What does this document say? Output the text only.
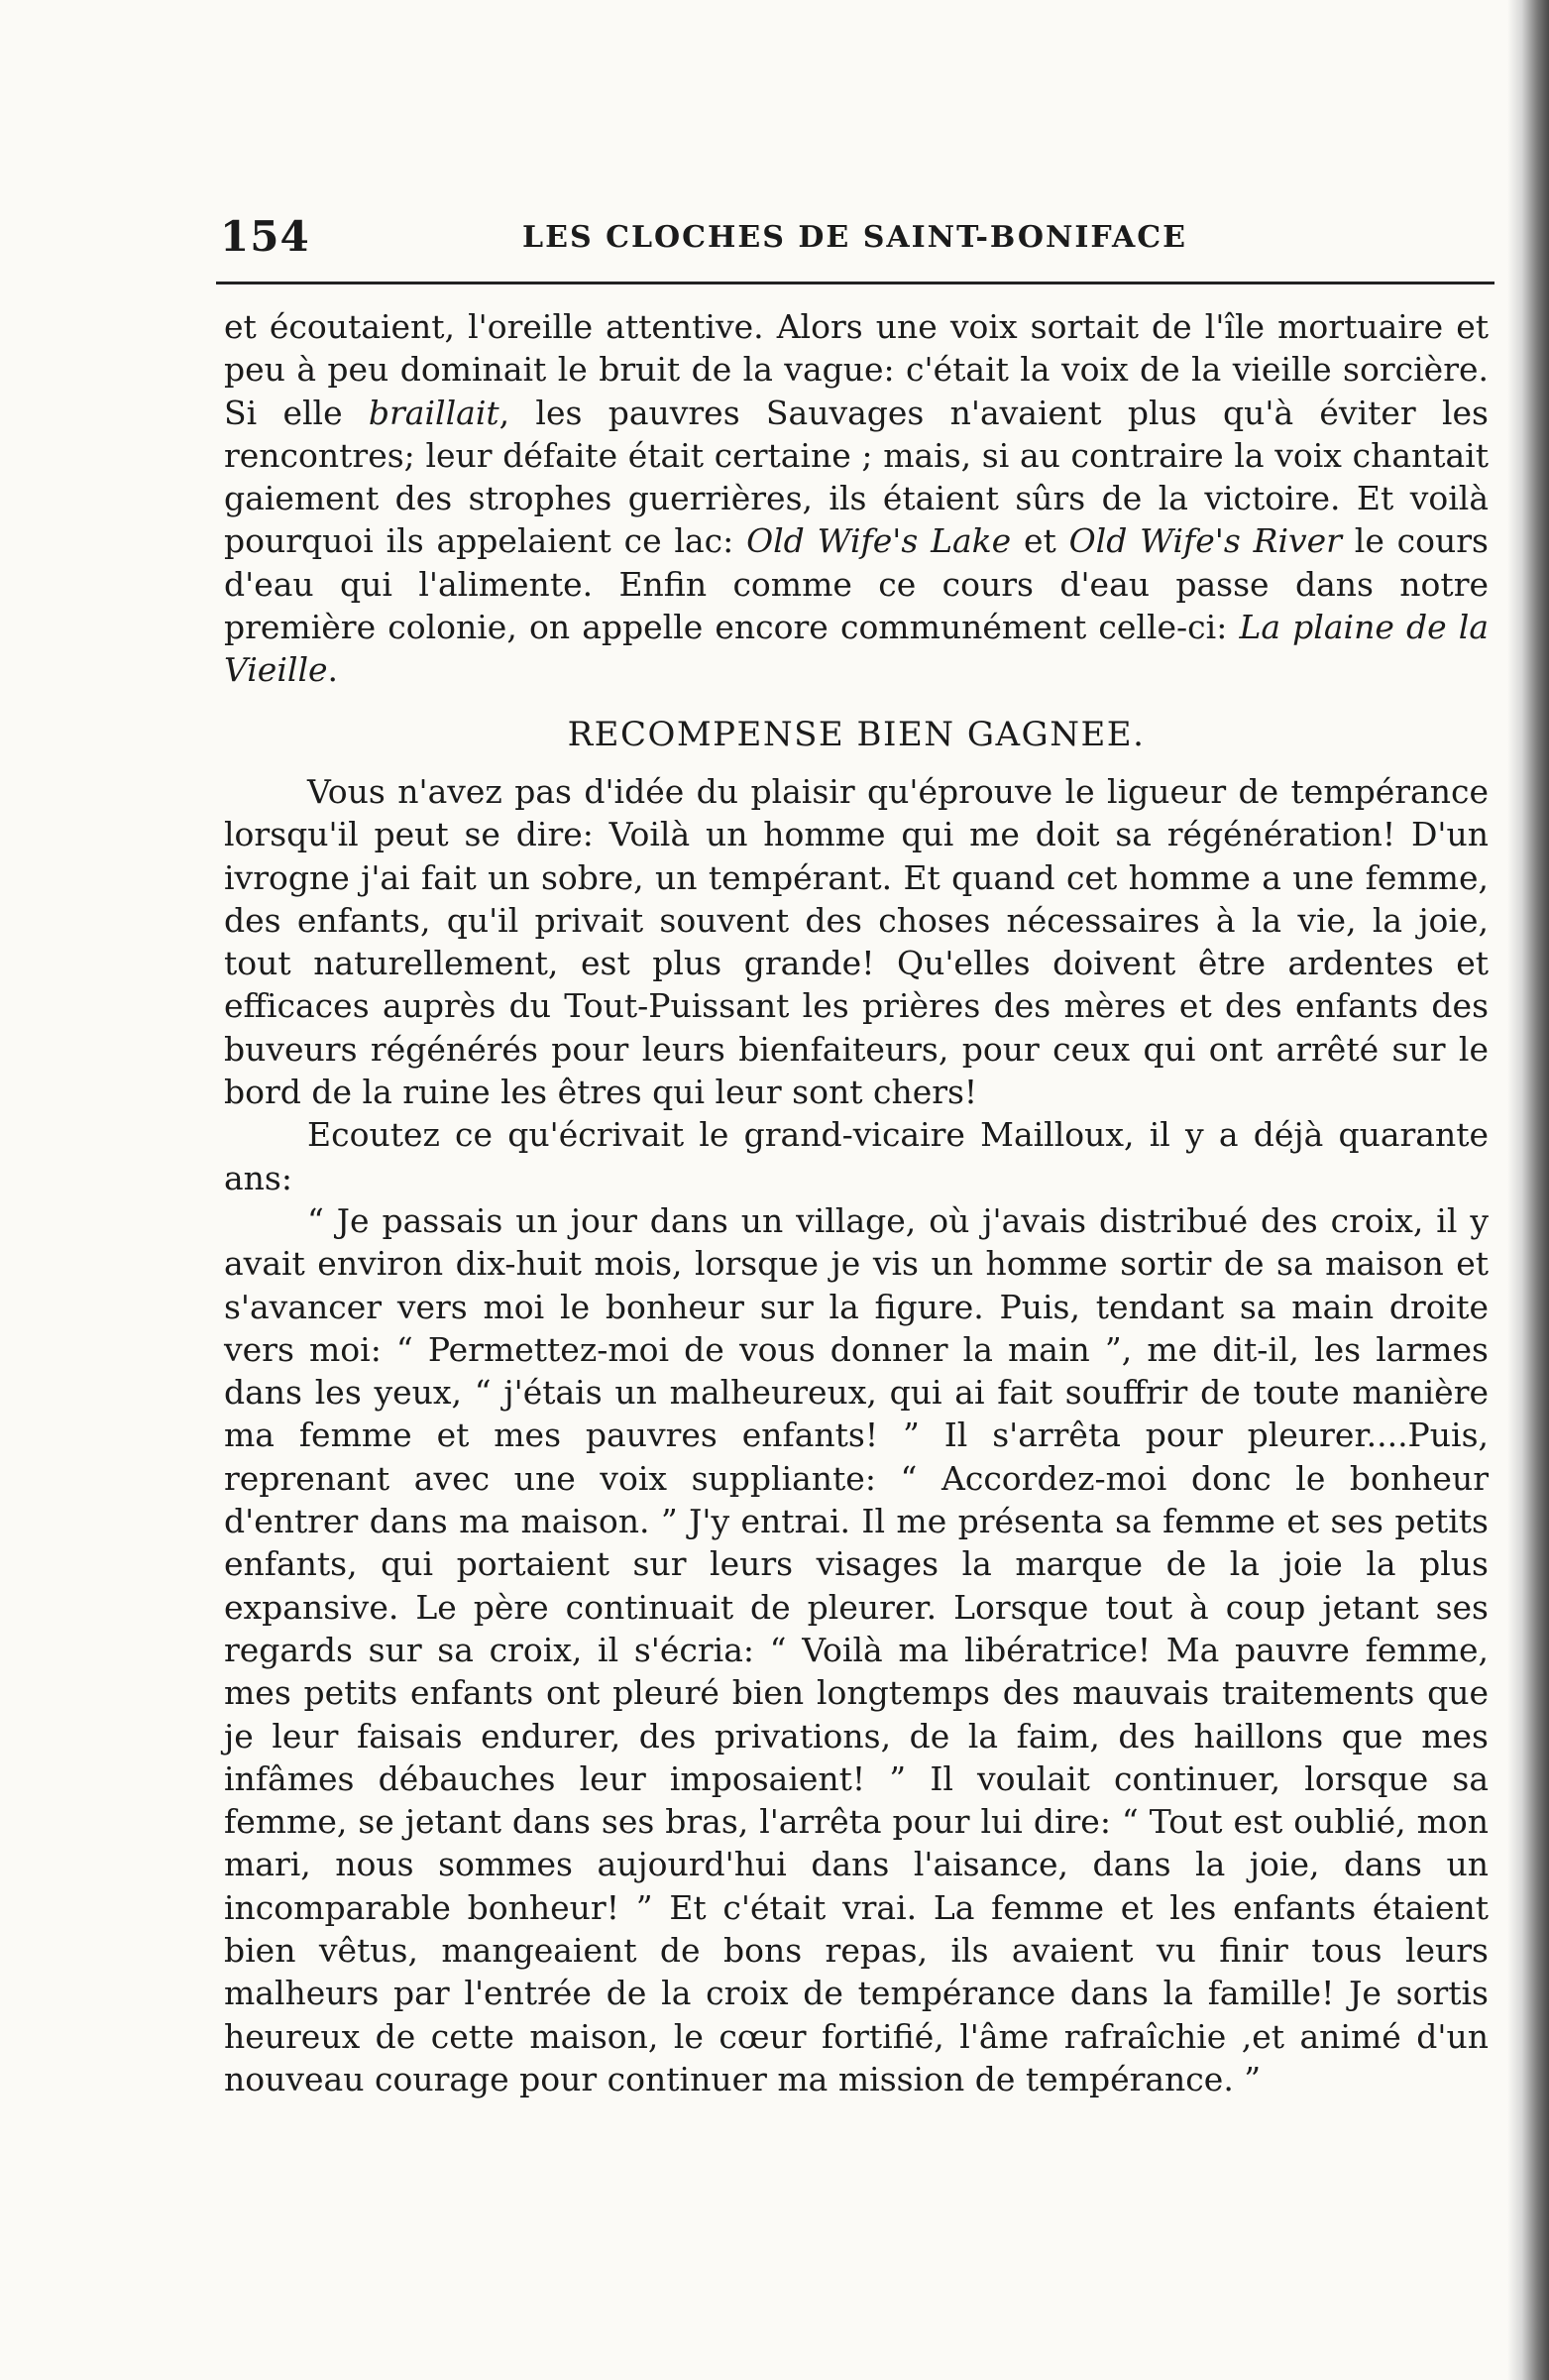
154	LES CLOCHES DE SAINT-BONIFACE

et écoutaient, l'oreille attentive. Alors une voix sortait de l'île mortuaire et peu à peu dominait le bruit de la vague: c'était la voix de la vieille sorcière. Si elle braillait, les pauvres Sauvages n'avaient plus qu'à éviter les rencontres; leur défaite était certaine ; mais, si au contraire la voix chantait gaiement des strophes guerrières, ils étaient sûrs de la victoire. Et voilà pourquoi ils appelaient ce lac: Old Wife's Lake et Old Wife's River le cours d'eau qui l'alimente. Enfin comme ce cours d'eau passe dans notre première colonie, on appelle encore communément celle-ci: La plaine de la Vieille.

RECOMPENSE BIEN GAGNEE.

Vous n'avez pas d'idée du plaisir qu'éprouve le ligueur de tempérance lorsqu'il peut se dire: Voilà un homme qui me doit sa régénération! D'un ivrogne j'ai fait un sobre, un tempérant. Et quand cet homme a une femme, des enfants, qu'il privait souvent des choses nécessaires à la vie, la joie, tout naturellement, est plus grande! Qu'elles doivent être ardentes et efficaces auprès du Tout-Puissant les prières des mères et des enfants des buveurs régénérés pour leurs bienfaiteurs, pour ceux qui ont arrêté sur le bord de la ruine les êtres qui leur sont chers!

Ecoutez ce qu'écrivait le grand-vicaire Mailloux, il y a déjà quarante ans:

“ Je passais un jour dans un village, où j'avais distribué des croix, il y avait environ dix-huit mois, lorsque je vis un homme sortir de sa maison et s'avancer vers moi le bonheur sur la figure. Puis, tendant sa main droite vers moi: “ Permettez-moi de vous donner la main ”, me dit-il, les larmes dans les yeux, “ j'étais un malheureux, qui ai fait souffrir de toute manière ma femme et mes pauvres enfants! ” Il s'arrêta pour pleurer....Puis, reprenant avec une voix suppliante: “ Accordez-moi donc le bonheur d'entrer dans ma maison. ” J'y entrai. Il me présenta sa femme et ses petits enfants, qui portaient sur leurs visages la marque de la joie la plus expansive. Le père continuait de pleurer. Lorsque tout à coup jetant ses regards sur sa croix, il s'écria: “ Voilà ma libératrice! Ma pauvre femme, mes petits enfants ont pleuré bien longtemps des mauvais traitements que je leur faisais endurer, des privations, de la faim, des haillons que mes infâmes débauches leur imposaient! ” Il voulait continuer, lorsque sa femme, se jetant dans ses bras, l'arrêta pour lui dire: “ Tout est oublié, mon mari, nous sommes aujourd'hui dans l'aisance, dans la joie, dans un incomparable bonheur! ” Et c'était vrai. La femme et les enfants étaient bien vêtus, mangeaient de bons repas, ils avaient vu finir tous leurs malheurs par l'entrée de la croix de tempérance dans la famille! Je sortis heureux de cette maison, le cœur fortifié, l'âme rafraîchie ,et animé d'un nouveau courage pour continuer ma mission de tempérance. ”
